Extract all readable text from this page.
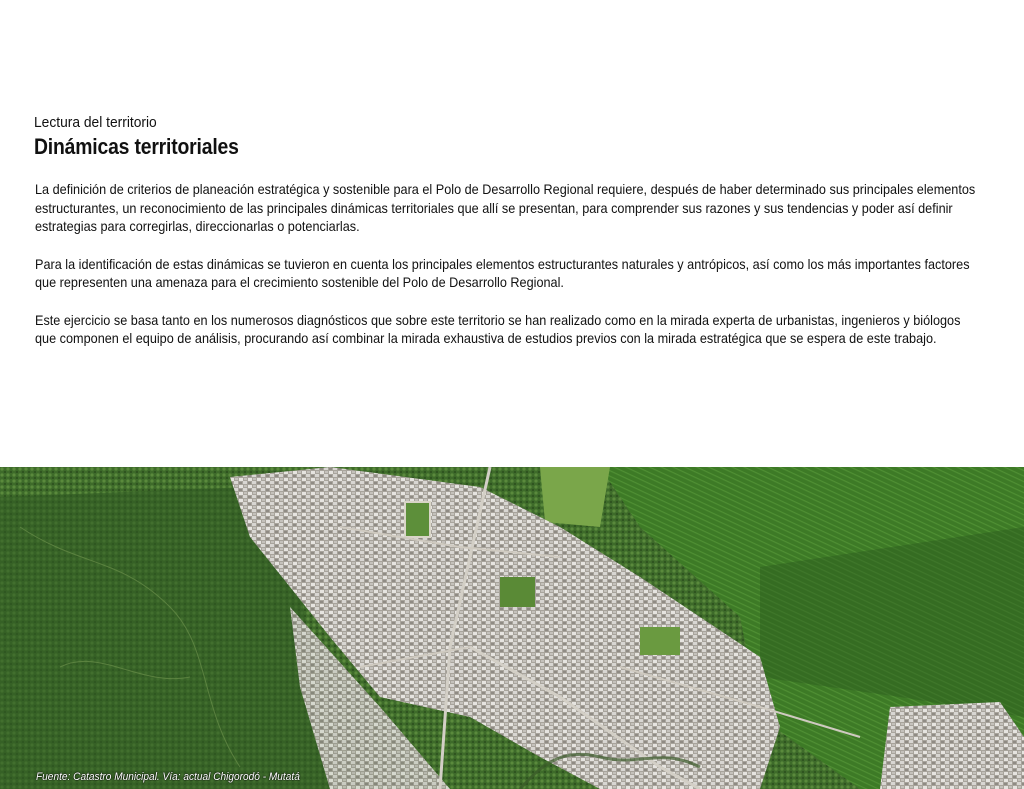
Lectura del territorio
Dinámicas territoriales

La definición de criterios de planeación estratégica y sostenible para el Polo de Desarrollo Regional requiere, después de haber determinado sus principales elementos estructurantes, un reconocimiento de las principales dinámicas territoriales que allí se presentan, para comprender sus razones y sus tendencias y poder así definir estrategias para corregirlas, direccionarlas o potenciarlas.

Para la identificación de estas dinámicas se tuvieron en cuenta los principales elementos estructurantes naturales y antrópicos, así como los más importantes factores que representen una amenaza para el crecimiento sostenible del Polo de Desarrollo Regional.

Este ejercicio se basa tanto en los numerosos diagnósticos que sobre este territorio se han realizado como en la mirada experta de urbanistas, ingenieros y biólogos que componen el equipo de análisis, procurando así combinar la mirada exhaustiva de estudios previos con la mirada estratégica que se espera de este trabajo.

Fuente: Catastro Municipal. Vía: actual Chigorodó - Mutatá
